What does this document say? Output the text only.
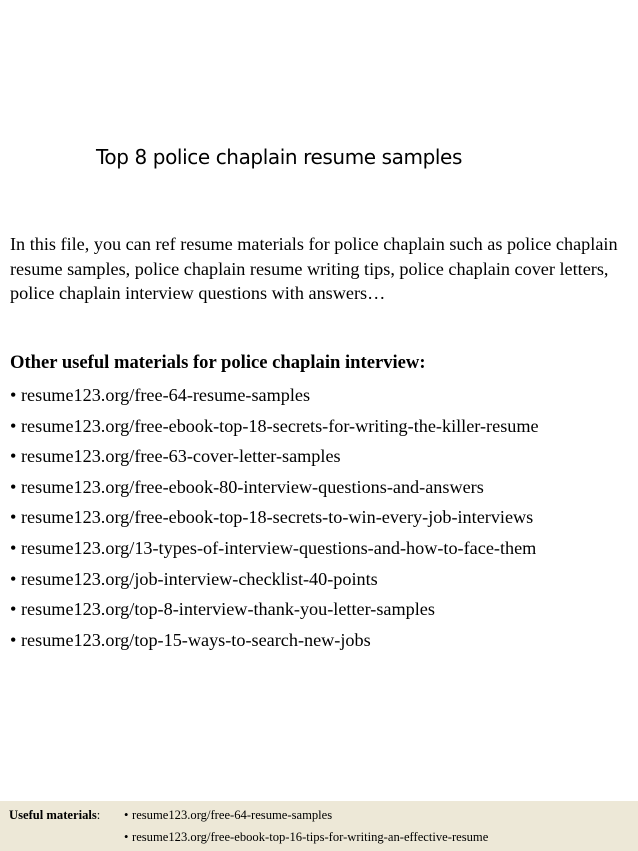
Top 8 police chaplain resume samples

In this file, you can ref resume materials for police chaplain such as police chaplain resume samples, police chaplain resume writing tips, police chaplain cover letters, police chaplain interview questions with answers…

Other useful materials for police chaplain interview:
• resume123.org/free-64-resume-samples
• resume123.org/free-ebook-top-18-secrets-for-writing-the-killer-resume
• resume123.org/free-63-cover-letter-samples
• resume123.org/free-ebook-80-interview-questions-and-answers
• resume123.org/free-ebook-top-18-secrets-to-win-every-job-interviews
• resume123.org/13-types-of-interview-questions-and-how-to-face-them
• resume123.org/job-interview-checklist-40-points
• resume123.org/top-8-interview-thank-you-letter-samples
• resume123.org/top-15-ways-to-search-new-jobs
Useful materials: • resume123.org/free-64-resume-samples
• resume123.org/free-ebook-top-16-tips-for-writing-an-effective-resume
